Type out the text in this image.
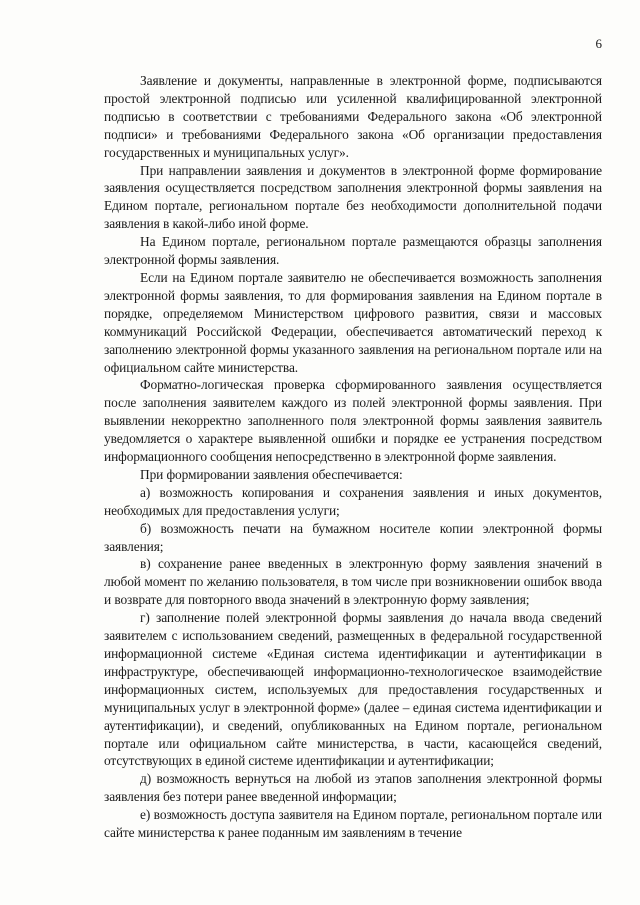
6

Заявление и документы, направленные в электронной форме, подписываются простой электронной подписью или усиленной квалифицированной электронной подписью в соответствии с требованиями Федерального закона «Об электронной подписи» и требованиями Федерального закона «Об организации предоставления государственных и муниципальных услуг».

При направлении заявления и документов в электронной форме формирование заявления осуществляется посредством заполнения электронной формы заявления на Едином портале, региональном портале без необходимости дополнительной подачи заявления в какой-либо иной форме.

На Едином портале, региональном портале размещаются образцы заполнения электронной формы заявления.

Если на Едином портале заявителю не обеспечивается возможность заполнения электронной формы заявления, то для формирования заявления на Едином портале в порядке, определяемом Министерством цифрового развития, связи и массовых коммуникаций Российской Федерации, обеспечивается автоматический переход к заполнению электронной формы указанного заявления на региональном портале или на официальном сайте министерства.

Форматно-логическая проверка сформированного заявления осуществляется после заполнения заявителем каждого из полей электронной формы заявления. При выявлении некорректно заполненного поля электронной формы заявления заявитель уведомляется о характере выявленной ошибки и порядке ее устранения посредством информационного сообщения непосредственно в электронной форме заявления.

При формировании заявления обеспечивается:

а) возможность копирования и сохранения заявления и иных документов, необходимых для предоставления услуги;

б) возможность печати на бумажном носителе копии электронной формы заявления;

в) сохранение ранее введенных в электронную форму заявления значений в любой момент по желанию пользователя, в том числе при возникновении ошибок ввода и возврате для повторного ввода значений в электронную форму заявления;

г) заполнение полей электронной формы заявления до начала ввода сведений заявителем с использованием сведений, размещенных в федеральной государственной информационной системе «Единая система идентификации и аутентификации в инфраструктуре, обеспечивающей информационно-технологическое взаимодействие информационных систем, используемых для предоставления государственных и муниципальных услуг в электронной форме» (далее – единая система идентификации и аутентификации), и сведений, опубликованных на Едином портале, региональном портале или официальном сайте министерства, в части, касающейся сведений, отсутствующих в единой системе идентификации и аутентификации;

д) возможность вернуться на любой из этапов заполнения электронной формы заявления без потери ранее введенной информации;

е) возможность доступа заявителя на Едином портале, региональном портале или сайте министерства к ранее поданным им заявлениям в течение
